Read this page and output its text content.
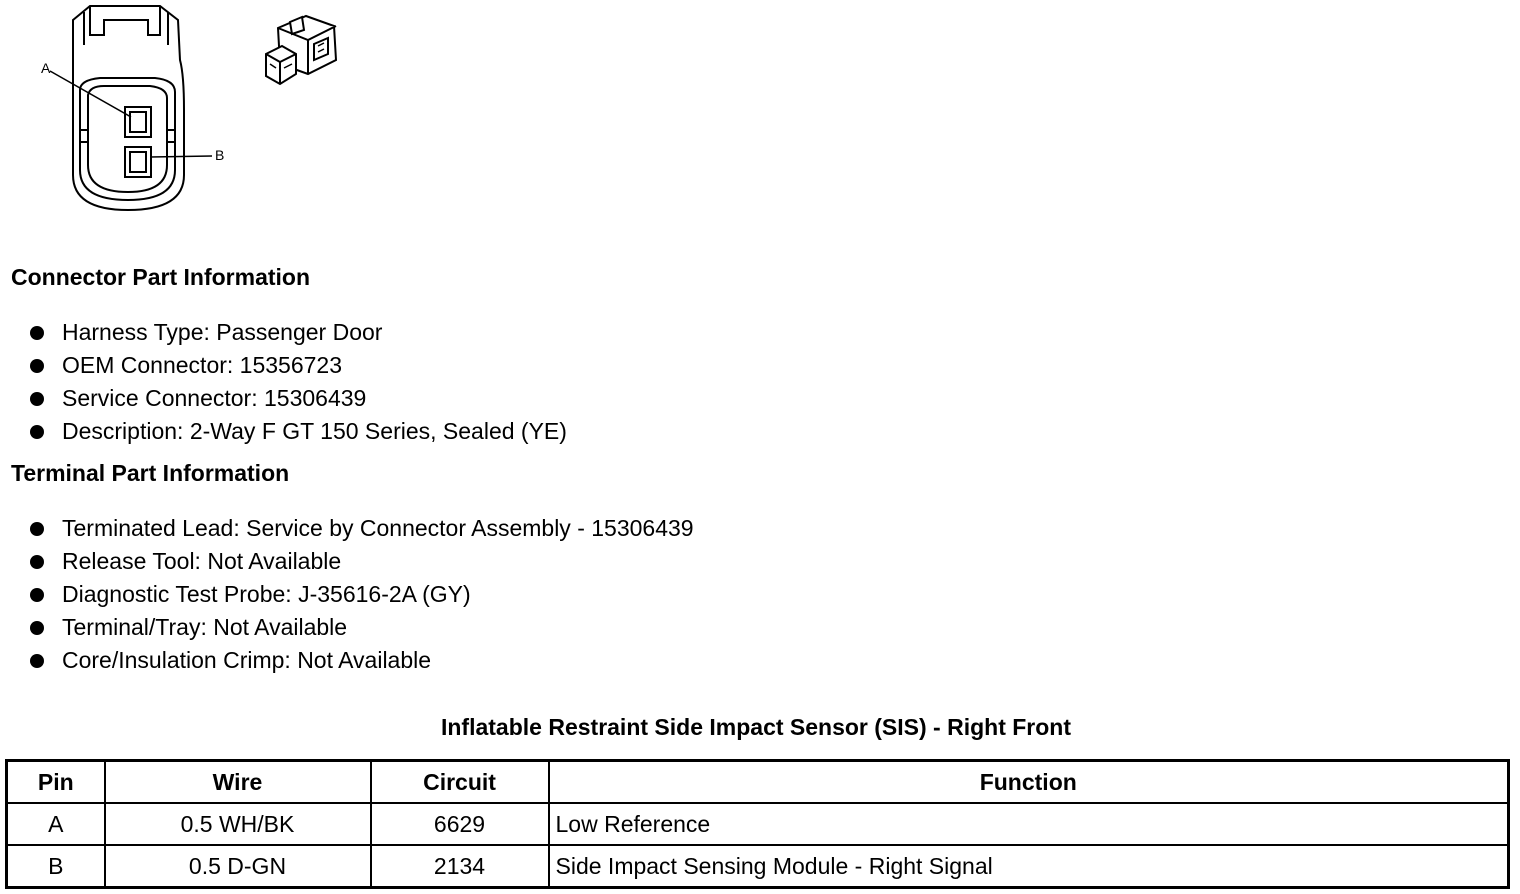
A
B
Connector Part Information
Harness Type: Passenger Door
OEM Connector: 15356723
Service Connector: 15306439
Description: 2-Way F GT 150 Series, Sealed (YE)
Terminal Part Information
Terminated Lead: Service by Connector Assembly - 15306439
Release Tool: Not Available
Diagnostic Test Probe: J-35616-2A (GY)
Terminal/Tray: Not Available
Core/Insulation Crimp: Not Available
Inflatable Restraint Side Impact Sensor (SIS) - Right Front
Pin	Wire	Circuit	Function
A	0.5 WH/BK	6629	Low Reference
B	0.5 D-GN	2134	Side Impact Sensing Module - Right Signal
